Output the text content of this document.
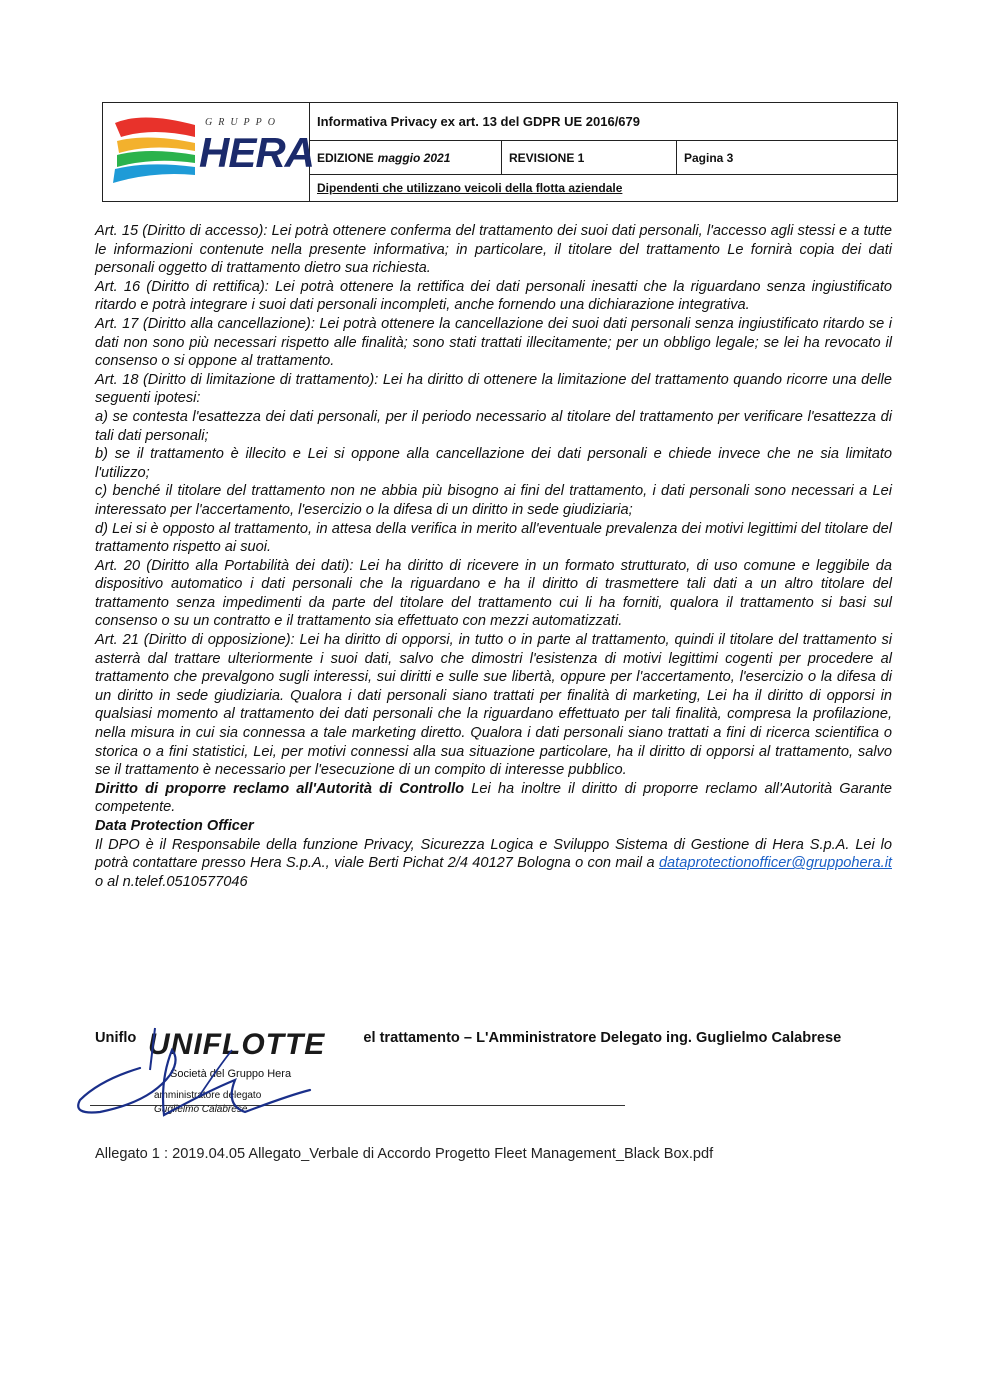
GRUPPO
HERA
Informativa Privacy ex art. 13 del GDPR UE 2016/679
EDIZIONE maggio 2021	REVISIONE 1	Pagina 3
Dipendenti che utilizzano veicoli della flotta aziendale

Art. 15 (Diritto di accesso): Lei potrà ottenere conferma del trattamento dei suoi dati personali, l'accesso agli stessi e a tutte le informazioni contenute nella presente informativa; in particolare, il titolare del trattamento Le fornirà copia dei dati personali oggetto di trattamento dietro sua richiesta.

Art. 16 (Diritto di rettifica): Lei potrà ottenere la rettifica dei dati personali inesatti che la riguardano senza ingiustificato ritardo e potrà integrare i suoi dati personali incompleti, anche fornendo una dichiarazione integrativa.

Art. 17 (Diritto alla cancellazione): Lei potrà ottenere la cancellazione dei suoi dati personali senza ingiustificato ritardo se i dati non sono più necessari rispetto alle finalità; sono stati trattati illecitamente; per un obbligo legale; se lei ha revocato il consenso o si oppone al trattamento.

Art. 18 (Diritto di limitazione di trattamento): Lei ha diritto di ottenere la limitazione del trattamento quando ricorre una delle seguenti ipotesi:

a) se contesta l'esattezza dei dati personali, per il periodo necessario al titolare del trattamento per verificare l'esattezza di tali dati personali;

b) se il trattamento è illecito e Lei si oppone alla cancellazione dei dati personali e chiede invece che ne sia limitato l'utilizzo;

c) benché il titolare del trattamento non ne abbia più bisogno ai fini del trattamento, i dati personali sono necessari a Lei interessato per l'accertamento, l'esercizio o la difesa di un diritto in sede giudiziaria;

d) Lei si è opposto al trattamento, in attesa della verifica in merito all'eventuale prevalenza dei motivi legittimi del titolare del trattamento rispetto ai suoi.

Art. 20 (Diritto alla Portabilità dei dati): Lei ha diritto di ricevere in un formato strutturato, di uso comune e leggibile da dispositivo automatico i dati personali che la riguardano e ha il diritto di trasmettere tali dati a un altro titolare del trattamento senza impedimenti da parte del titolare del trattamento cui li ha forniti, qualora il trattamento si basi sul consenso o su un contratto e il trattamento sia effettuato con mezzi automatizzati.

Art. 21 (Diritto di opposizione): Lei ha diritto di opporsi, in tutto o in parte al trattamento, quindi il titolare del trattamento si asterrà dal trattare ulteriormente i suoi dati, salvo che dimostri l'esistenza di motivi legittimi cogenti per procedere al trattamento che prevalgono sugli interessi, sui diritti e sulle sue libertà, oppure per l'accertamento, l'esercizio o la difesa di un diritto in sede giudiziaria. Qualora i dati personali siano trattati per finalità di marketing, Lei ha il diritto di opporsi in qualsiasi momento al trattamento dei dati personali che la riguardano effettuato per tali finalità, compresa la profilazione, nella misura in cui sia connessa a tale marketing diretto. Qualora i dati personali siano trattati a fini di ricerca scientifica o storica o a fini statistici, Lei, per motivi connessi alla sua situazione particolare, ha il diritto di opporsi al trattamento, salvo se il trattamento è necessario per l'esecuzione di un compito di interesse pubblico.

Diritto di proporre reclamo all'Autorità di Controllo Lei ha inoltre il diritto di proporre reclamo all'Autorità Garante competente.

Data Protection Officer

Il DPO è il Responsabile della funzione Privacy, Sicurezza Logica e Sviluppo Sistema di Gestione di Hera S.p.A. Lei lo potrà contattare presso Hera S.p.A., viale Berti Pichat 2/4 40127 Bologna o con mail a dataprotectionofficer@gruppohera.it o al n.telef.0510577046

Uniflo	el trattamento – L'Amministratore Delegato ing. Guglielmo Calabrese
UNIFLOTTE
Società del Gruppo Hera
amministratore delegato
Guglielmo Calabrese
Allegato 1 : 2019.04.05 Allegato_Verbale di Accordo Progetto Fleet Management_Black Box.pdf
